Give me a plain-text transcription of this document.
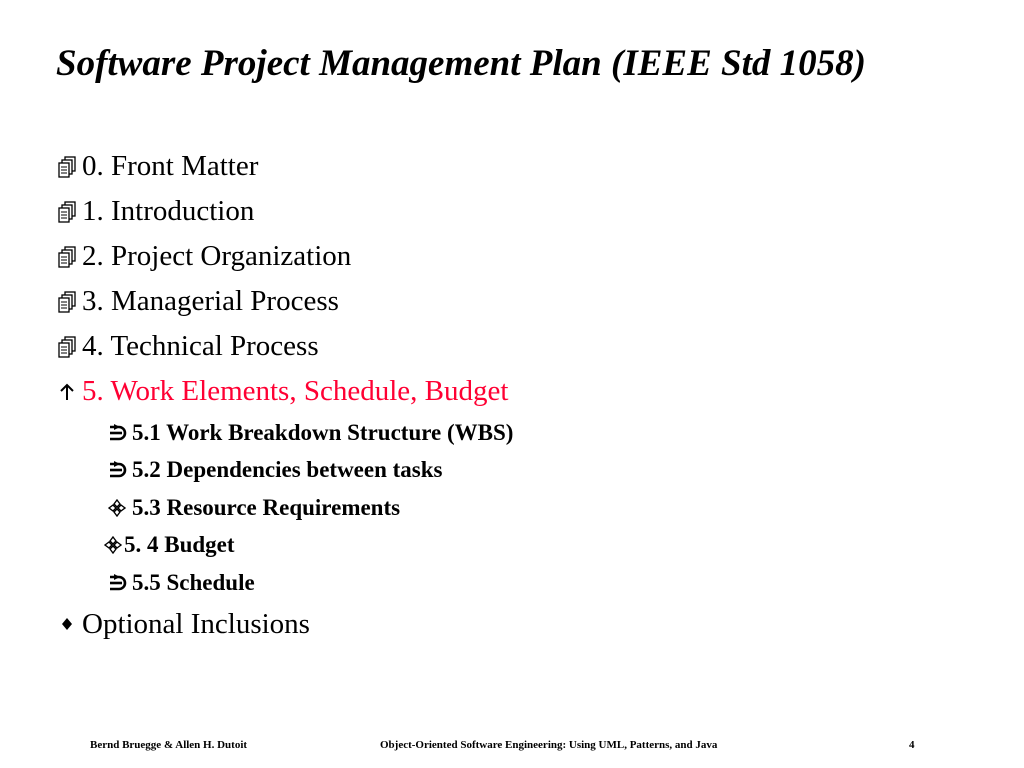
Software Project Management Plan (IEEE Std 1058)
0. Front Matter
1. Introduction
2. Project Organization
3. Managerial Process
4. Technical Process
5. Work Elements, Schedule, Budget
5.1 Work Breakdown Structure (WBS)
5.2 Dependencies between tasks
5.3 Resource Requirements
5. 4 Budget
5.5 Schedule
Optional Inclusions
Bernd Bruegge & Allen H. Dutoit	Object-Oriented Software Engineering: Using UML, Patterns, and Java	4
